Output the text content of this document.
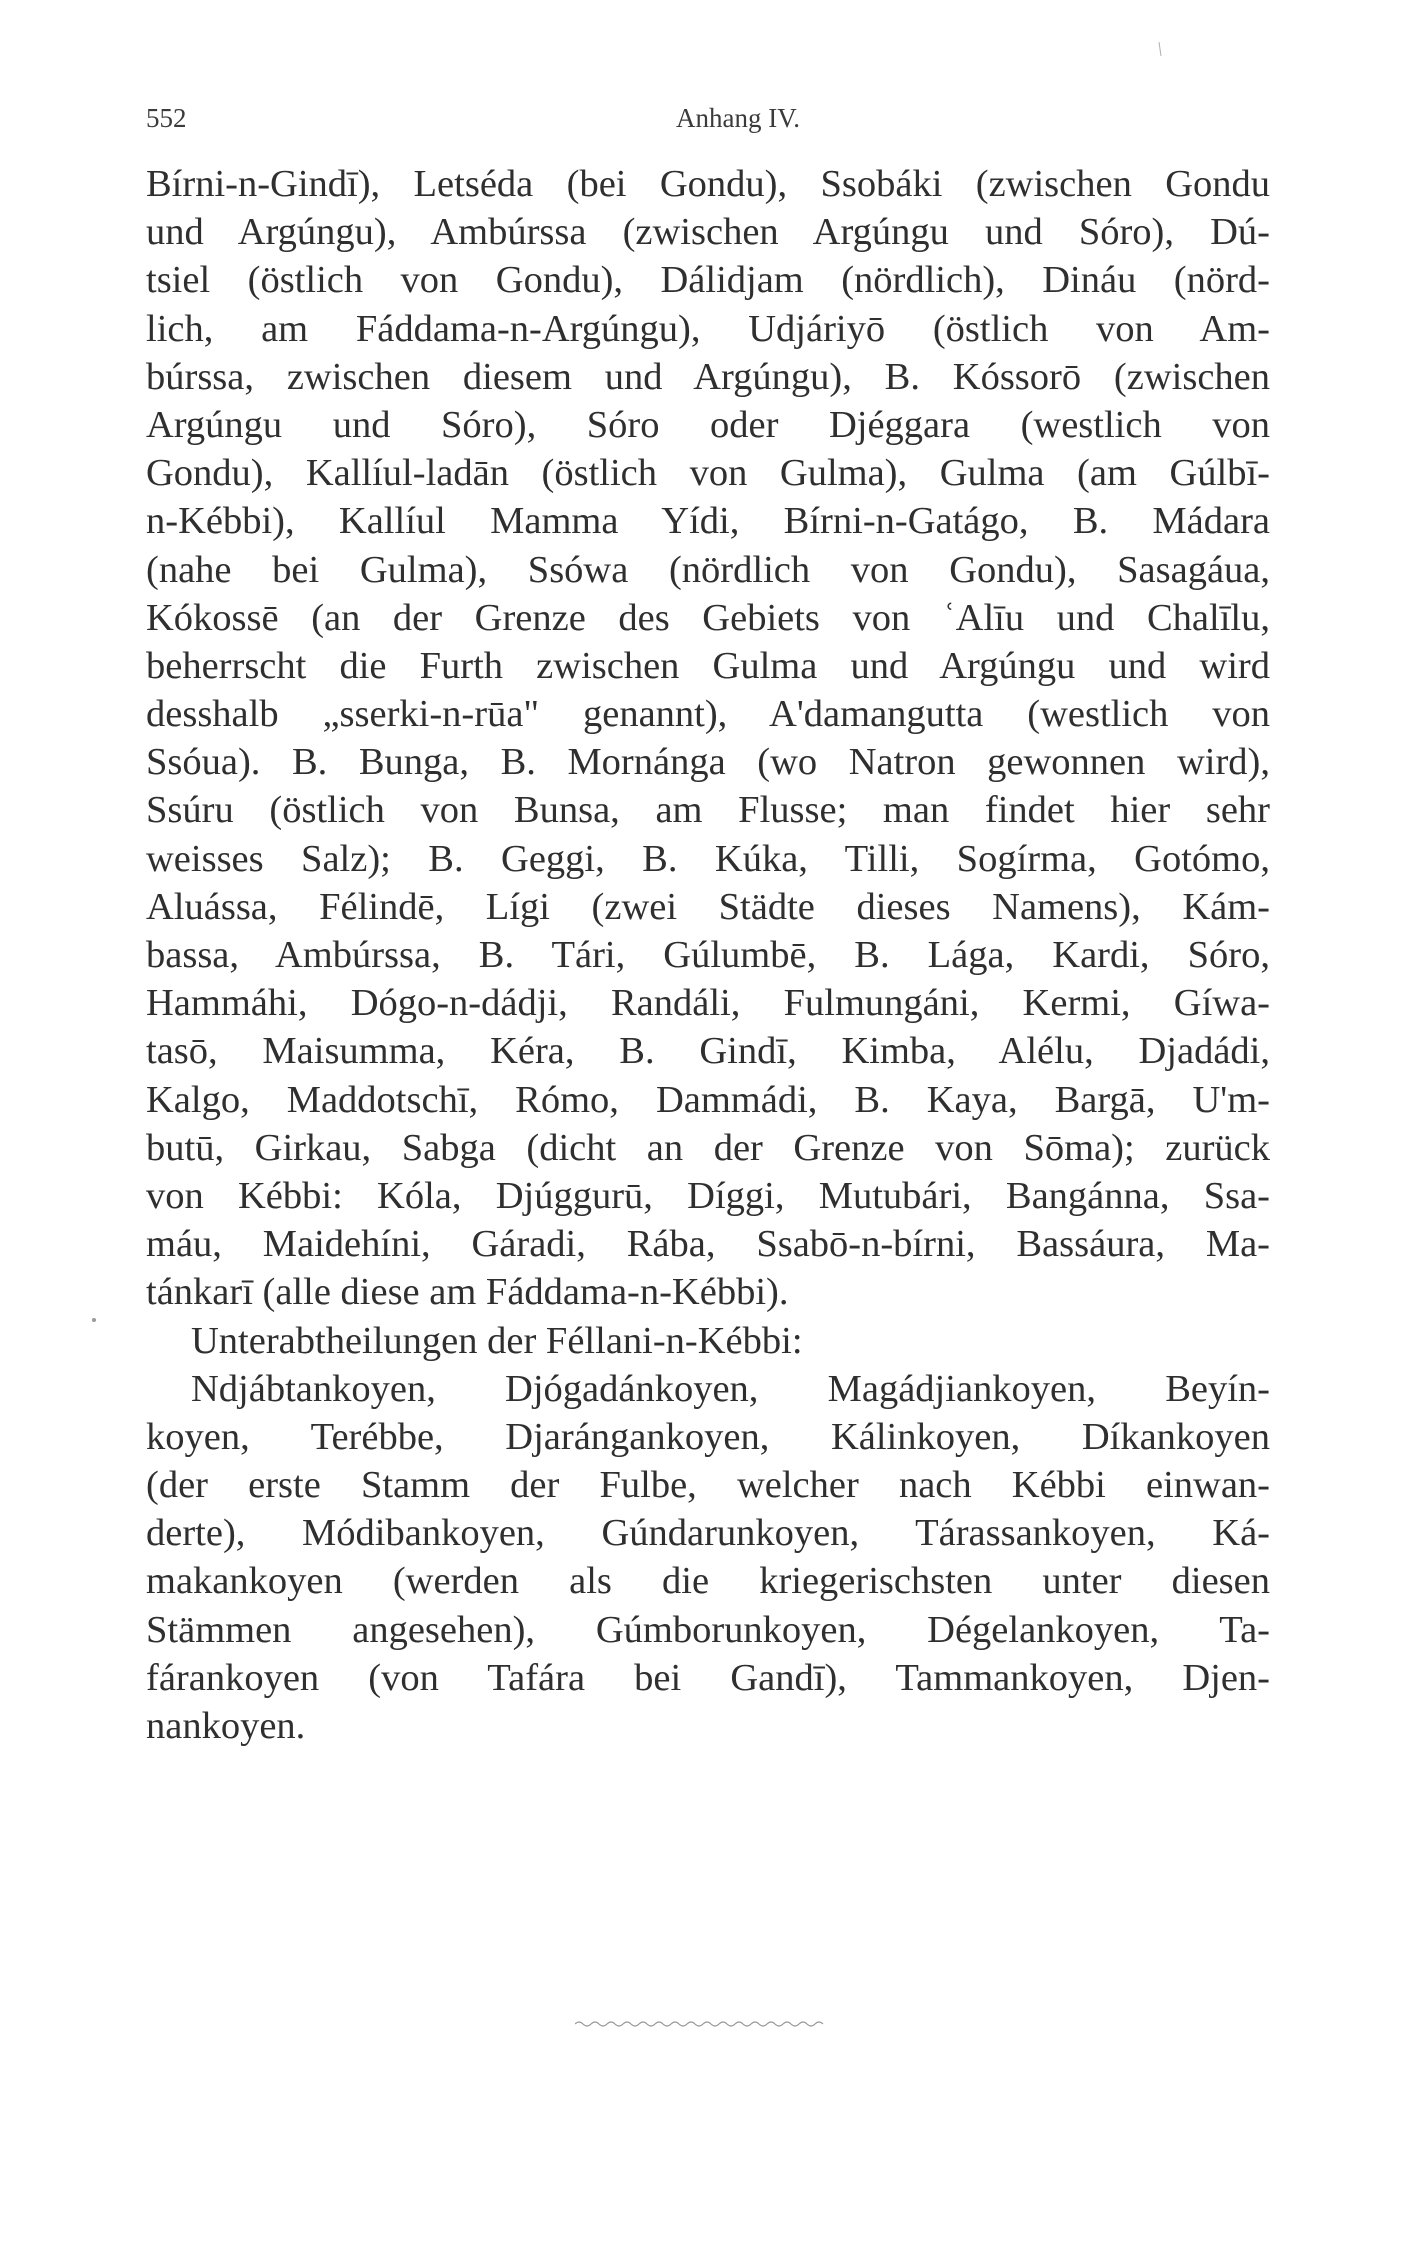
552	Anhang IV.
Bírni-n-Gindī), Letséda (bei Gondu), Ssobáki (zwischen Gondu
und Argúngu), Ambúrssa (zwischen Argúngu und Sóro), Dú-
tsiel (östlich von Gondu), Dálidjam (nördlich), Dináu (nörd-
lich, am Fáddama-n-Argúngu), Udjáriyō (östlich von Am-
búrssa, zwischen diesem und Argúngu), B. Kóssorō (zwischen
Argúngu und Sóro), Sóro oder Djéggara (westlich von
Gondu), Kallíul-ladān (östlich von Gulma), Gulma (am Gúlbī-
n-Kébbi), Kallíul Mamma Yídi, Bírni-n-Gatágo, B. Mádara
(nahe bei Gulma), Ssówa (nördlich von Gondu), Sasagáua,
Kókossē (an der Grenze des Gebiets von ʿAlīu und Chalīlu,
beherrscht die Furth zwischen Gulma und Argúngu und wird
desshalb „sserki-n-rūa" genannt), A'damangutta (westlich von
Ssóua). B. Bunga, B. Mornánga (wo Natron gewonnen wird),
Ssúru (östlich von Bunsa, am Flusse; man findet hier sehr
weisses Salz); B. Geggi, B. Kúka, Tilli, Sogírma, Gotómo,
Aluássa, Félindē, Lígi (zwei Städte dieses Namens), Kám-
bassa, Ambúrssa, B. Tári, Gúlumbē, B. Lága, Kardi, Sóro,
Hammáhi, Dógo-n-dádji, Randáli, Fulmungáni, Kermi, Gíwa-
tasō, Maisumma, Kéra, B. Gindī, Kimba, Alélu, Djadádi,
Kalgo, Maddotschī, Rómo, Dammádi, B. Kaya, Bargā, U'm-
butū, Girkau, Sabga (dicht an der Grenze von Sōma); zurück
von Kébbi: Kóla, Djúggurū, Díggi, Mutubári, Bangánna, Ssa-
máu, Maidehíni, Gáradi, Rába, Ssabō-n-bírni, Bassáura, Ma-
tánkarī (alle diese am Fáddama-n-Kébbi).
Unterabtheilungen der Féllani-n-Kébbi:
Ndjábtankoyen, Djógadánkoyen, Magádjiankoyen, Beyín-
koyen, Terébbe, Djarángankoyen, Kálinkoyen, Díkankoyen
(der erste Stamm der Fulbe, welcher nach Kébbi einwan-
derte), Módibankoyen, Gúndarunkoyen, Tárassankoyen, Ká-
makankoyen (werden als die kriegerischsten unter diesen
Stämmen angesehen), Gúmborunkoyen, Dégelankoyen, Ta-
fárankoyen (von Tafára bei Gandī), Tammankoyen, Djen-
nankoyen.
